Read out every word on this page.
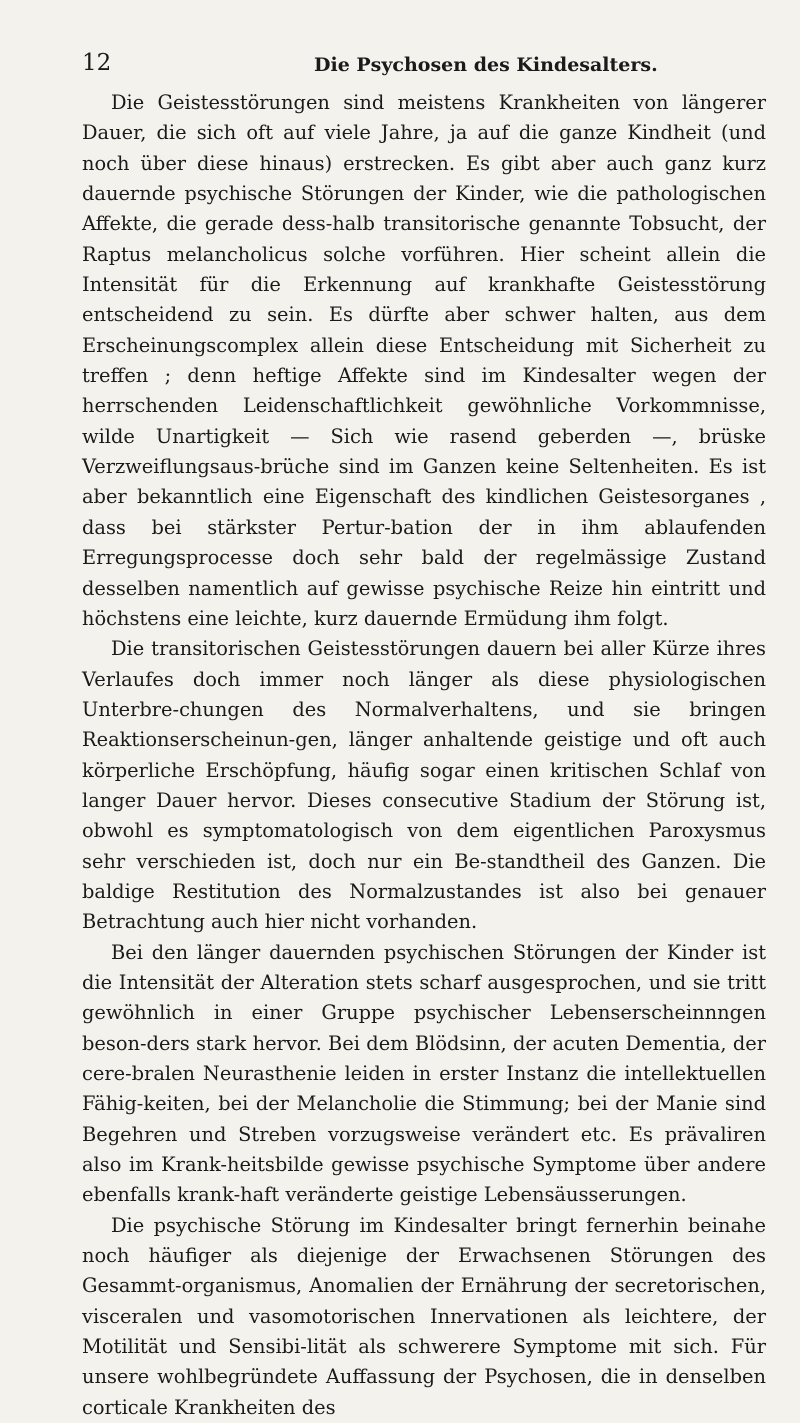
12	Die Psychosen des Kindesalters.

Die Geistesstörungen sind meistens Krankheiten von längerer Dauer, die sich oft auf viele Jahre, ja auf die ganze Kindheit (und noch über diese hinaus) erstrecken. Es gibt aber auch ganz kurz dauernde psychische Störungen der Kinder, wie die pathologischen Affekte, die gerade dess-halb transitorische genannte Tobsucht, der Raptus melancholicus solche vorführen. Hier scheint allein die Intensität für die Erkennung auf krankhafte Geistesstörung entscheidend zu sein. Es dürfte aber schwer halten, aus dem Erscheinungscomplex allein diese Entscheidung mit Sicherheit zu treffen ; denn heftige Affekte sind im Kindesalter wegen der herrschenden Leidenschaftlichkeit gewöhnliche Vorkommnisse, wilde Unartigkeit — Sich wie rasend geberden —, brüske Verzweiflungsaus-brüche sind im Ganzen keine Seltenheiten. Es ist aber bekanntlich eine Eigenschaft des kindlichen Geistesorganes , dass bei stärkster Pertur-bation der in ihm ablaufenden Erregungsprocesse doch sehr bald der regelmässige Zustand desselben namentlich auf gewisse psychische Reize hin eintritt und höchstens eine leichte, kurz dauernde Ermüdung ihm folgt.

Die transitorischen Geistesstörungen dauern bei aller Kürze ihres Verlaufes doch immer noch länger als diese physiologischen Unterbre-chungen des Normalverhaltens, und sie bringen Reaktionserscheinun-gen, länger anhaltende geistige und oft auch körperliche Erschöpfung, häufig sogar einen kritischen Schlaf von langer Dauer hervor. Dieses consecutive Stadium der Störung ist, obwohl es symptomatologisch von dem eigentlichen Paroxysmus sehr verschieden ist, doch nur ein Be-standtheil des Ganzen. Die baldige Restitution des Normalzustandes ist also bei genauer Betrachtung auch hier nicht vorhanden.

Bei den länger dauernden psychischen Störungen der Kinder ist die Intensität der Alteration stets scharf ausgesprochen, und sie tritt gewöhnlich in einer Gruppe psychischer Lebenserscheinnngen beson-ders stark hervor. Bei dem Blödsinn, der acuten Dementia, der cere-bralen Neurasthenie leiden in erster Instanz die intellektuellen Fähig-keiten, bei der Melancholie die Stimmung; bei der Manie sind Begehren und Streben vorzugsweise verändert etc. Es prävaliren also im Krank-heitsbilde gewisse psychische Symptome über andere ebenfalls krank-haft veränderte geistige Lebensäusserungen.

Die psychische Störung im Kindesalter bringt fernerhin beinahe noch häufiger als diejenige der Erwachsenen Störungen des Gesammt-organismus, Anomalien der Ernährung der secretorischen, visceralen und vasomotorischen Innervationen als leichtere, der Motilität und Sensibi-lität als schwerere Symptome mit sich. Für unsere wohlbegründete Auffassung der Psychosen, die in denselben corticale Krankheiten des
